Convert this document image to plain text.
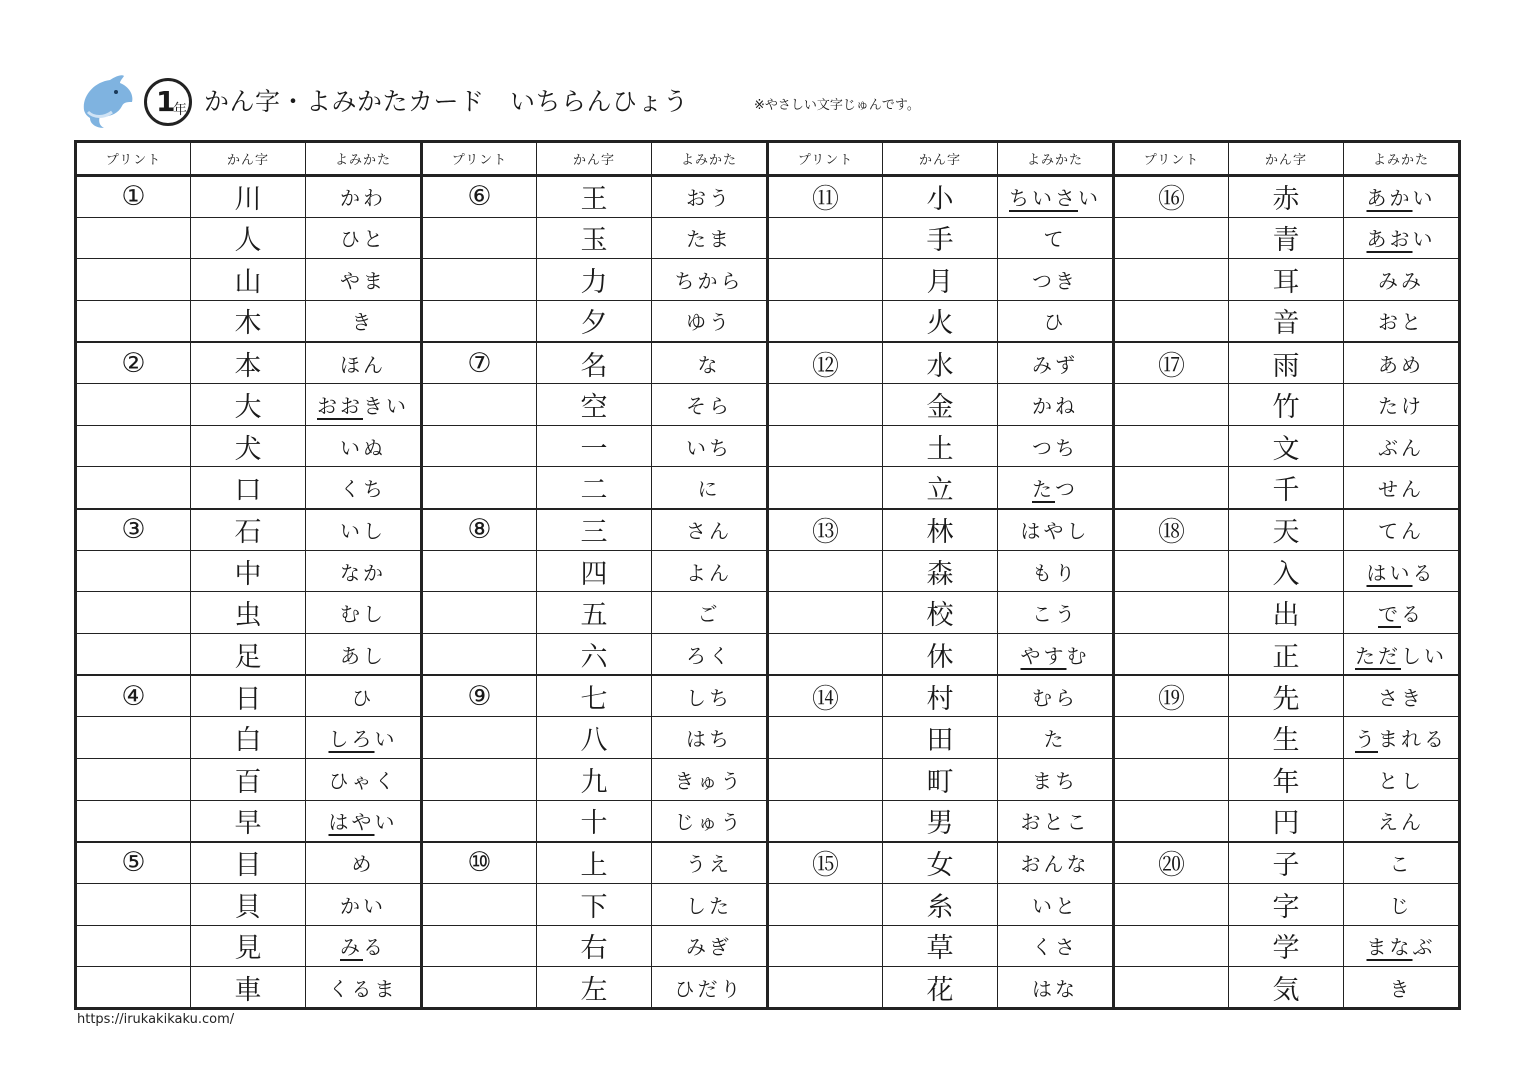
1
年 かん字・よみかたカード　いちらんひょう	※やさしい文字じゅんです。
プリント	かん字	よみかた	プリント	かん字	よみかた	プリント	かん字	よみかた	プリント	かん字	よみかた
①	川	かわ	⑥	王	おう	⑪	小	ちいさい	⑯	赤	あかい
	人	ひと		玉	たま		手	て		青	あおい
	山	やま		力	ちから		月	つき		耳	みみ
	木	き		夕	ゆう		火	ひ		音	おと
②	本	ほん	⑦	名	な	⑫	水	みず	⑰	雨	あめ
	大	おおきい		空	そら		金	かね		竹	たけ
	犬	いぬ		一	いち		土	つち		文	ぶん
	口	くち		二	に		立	たつ		千	せん
③	石	いし	⑧	三	さん	⑬	林	はやし	⑱	天	てん
	中	なか		四	よん		森	もり		入	はいる
	虫	むし		五	ご		校	こう		出	でる
	足	あし		六	ろく		休	やすむ		正	ただしい
④	日	ひ	⑨	七	しち	⑭	村	むら	⑲	先	さき
	白	しろい		八	はち		田	た		生	うまれる
	百	ひゃく		九	きゅう		町	まち		年	とし
	早	はやい		十	じゅう		男	おとこ		円	えん
⑤	目	め	⑩	上	うえ	⑮	女	おんな	⑳	子	こ
	貝	かい		下	した		糸	いと		字	じ
	見	みる		右	みぎ		草	くさ		学	まなぶ
	車	くるま		左	ひだり		花	はな		気	き
https://irukakikaku.com/
